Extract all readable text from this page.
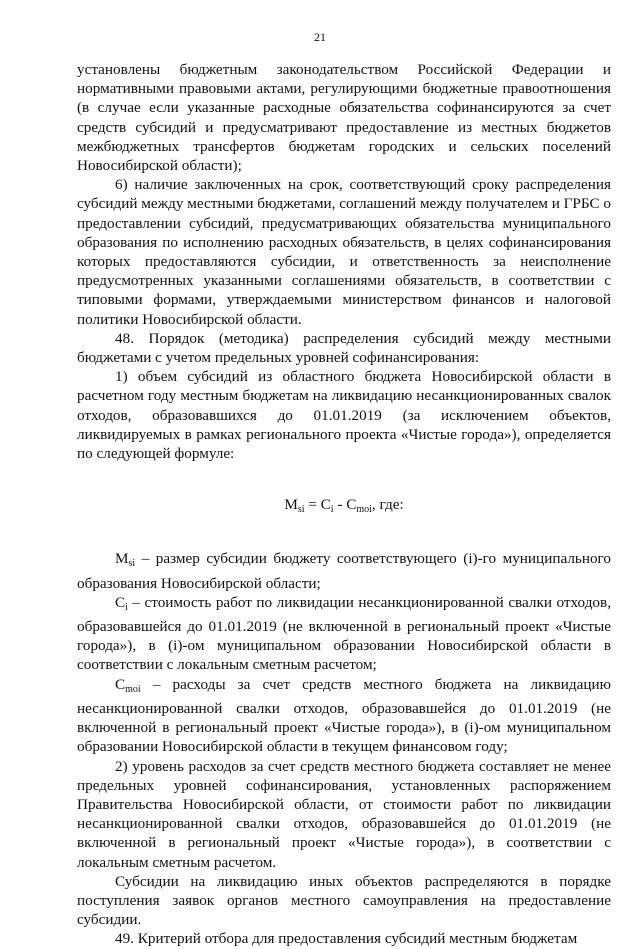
21

установлены бюджетным законодательством Российской Федерации и нормативными правовыми актами, регулирующими бюджетные правоотношения (в случае если указанные расходные обязательства софинансируются за счет средств субсидий и предусматривают предоставление из местных бюджетов межбюджетных трансфертов бюджетам городских и сельских поселений Новосибирской области);

6) наличие заключенных на срок, соответствующий сроку распределения субсидий между местными бюджетами, соглашений между получателем и ГРБС о предоставлении субсидий, предусматривающих обязательства муниципального образования по исполнению расходных обязательств, в целях софинансирования которых предоставляются субсидии, и ответственность за неисполнение предусмотренных указанными соглашениями обязательств, в соответствии с типовыми формами, утверждаемыми министерством финансов и налоговой политики Новосибирской области.

48. Порядок (методика) распределения субсидий между местными бюджетами с учетом предельных уровней софинансирования:

1) объем субсидий из областного бюджета Новосибирской области в расчетном году местным бюджетам на ликвидацию несанкционированных свалок отходов, образовавшихся до 01.01.2019 (за исключением объектов, ликвидируемых в рамках регионального проекта «Чистые города»), определяется по следующей формуле:

$M_{si} = C_i - C_{moi}$, где:

$M_{si}$ – размер субсидии бюджету соответствующего (i)-го муниципального образования Новосибирской области;

$C_i$ – стоимость работ по ликвидации несанкционированной свалки отходов, образовавшейся до 01.01.2019 (не включенной в региональный проект «Чистые города»), в (i)-ом муниципальном образовании Новосибирской области в соответствии с локальным сметным расчетом;

$C_{moi}$ – расходы за счет средств местного бюджета на ликвидацию несанкционированной свалки отходов, образовавшейся до 01.01.2019 (не включенной в региональный проект «Чистые города»), в (i)-ом муниципальном образовании Новосибирской области в текущем финансовом году;

2) уровень расходов за счет средств местного бюджета составляет не менее предельных уровней софинансирования, установленных распоряжением Правительства Новосибирской области, от стоимости работ по ликвидации несанкционированной свалки отходов, образовавшейся до 01.01.2019 (не включенной в региональный проект «Чистые города»), в соответствии с локальным сметным расчетом.

Субсидии на ликвидацию иных объектов распределяются в порядке поступления заявок органов местного самоуправления на предоставление субсидии.

49. Критерий отбора для предоставления субсидий местным бюджетам
